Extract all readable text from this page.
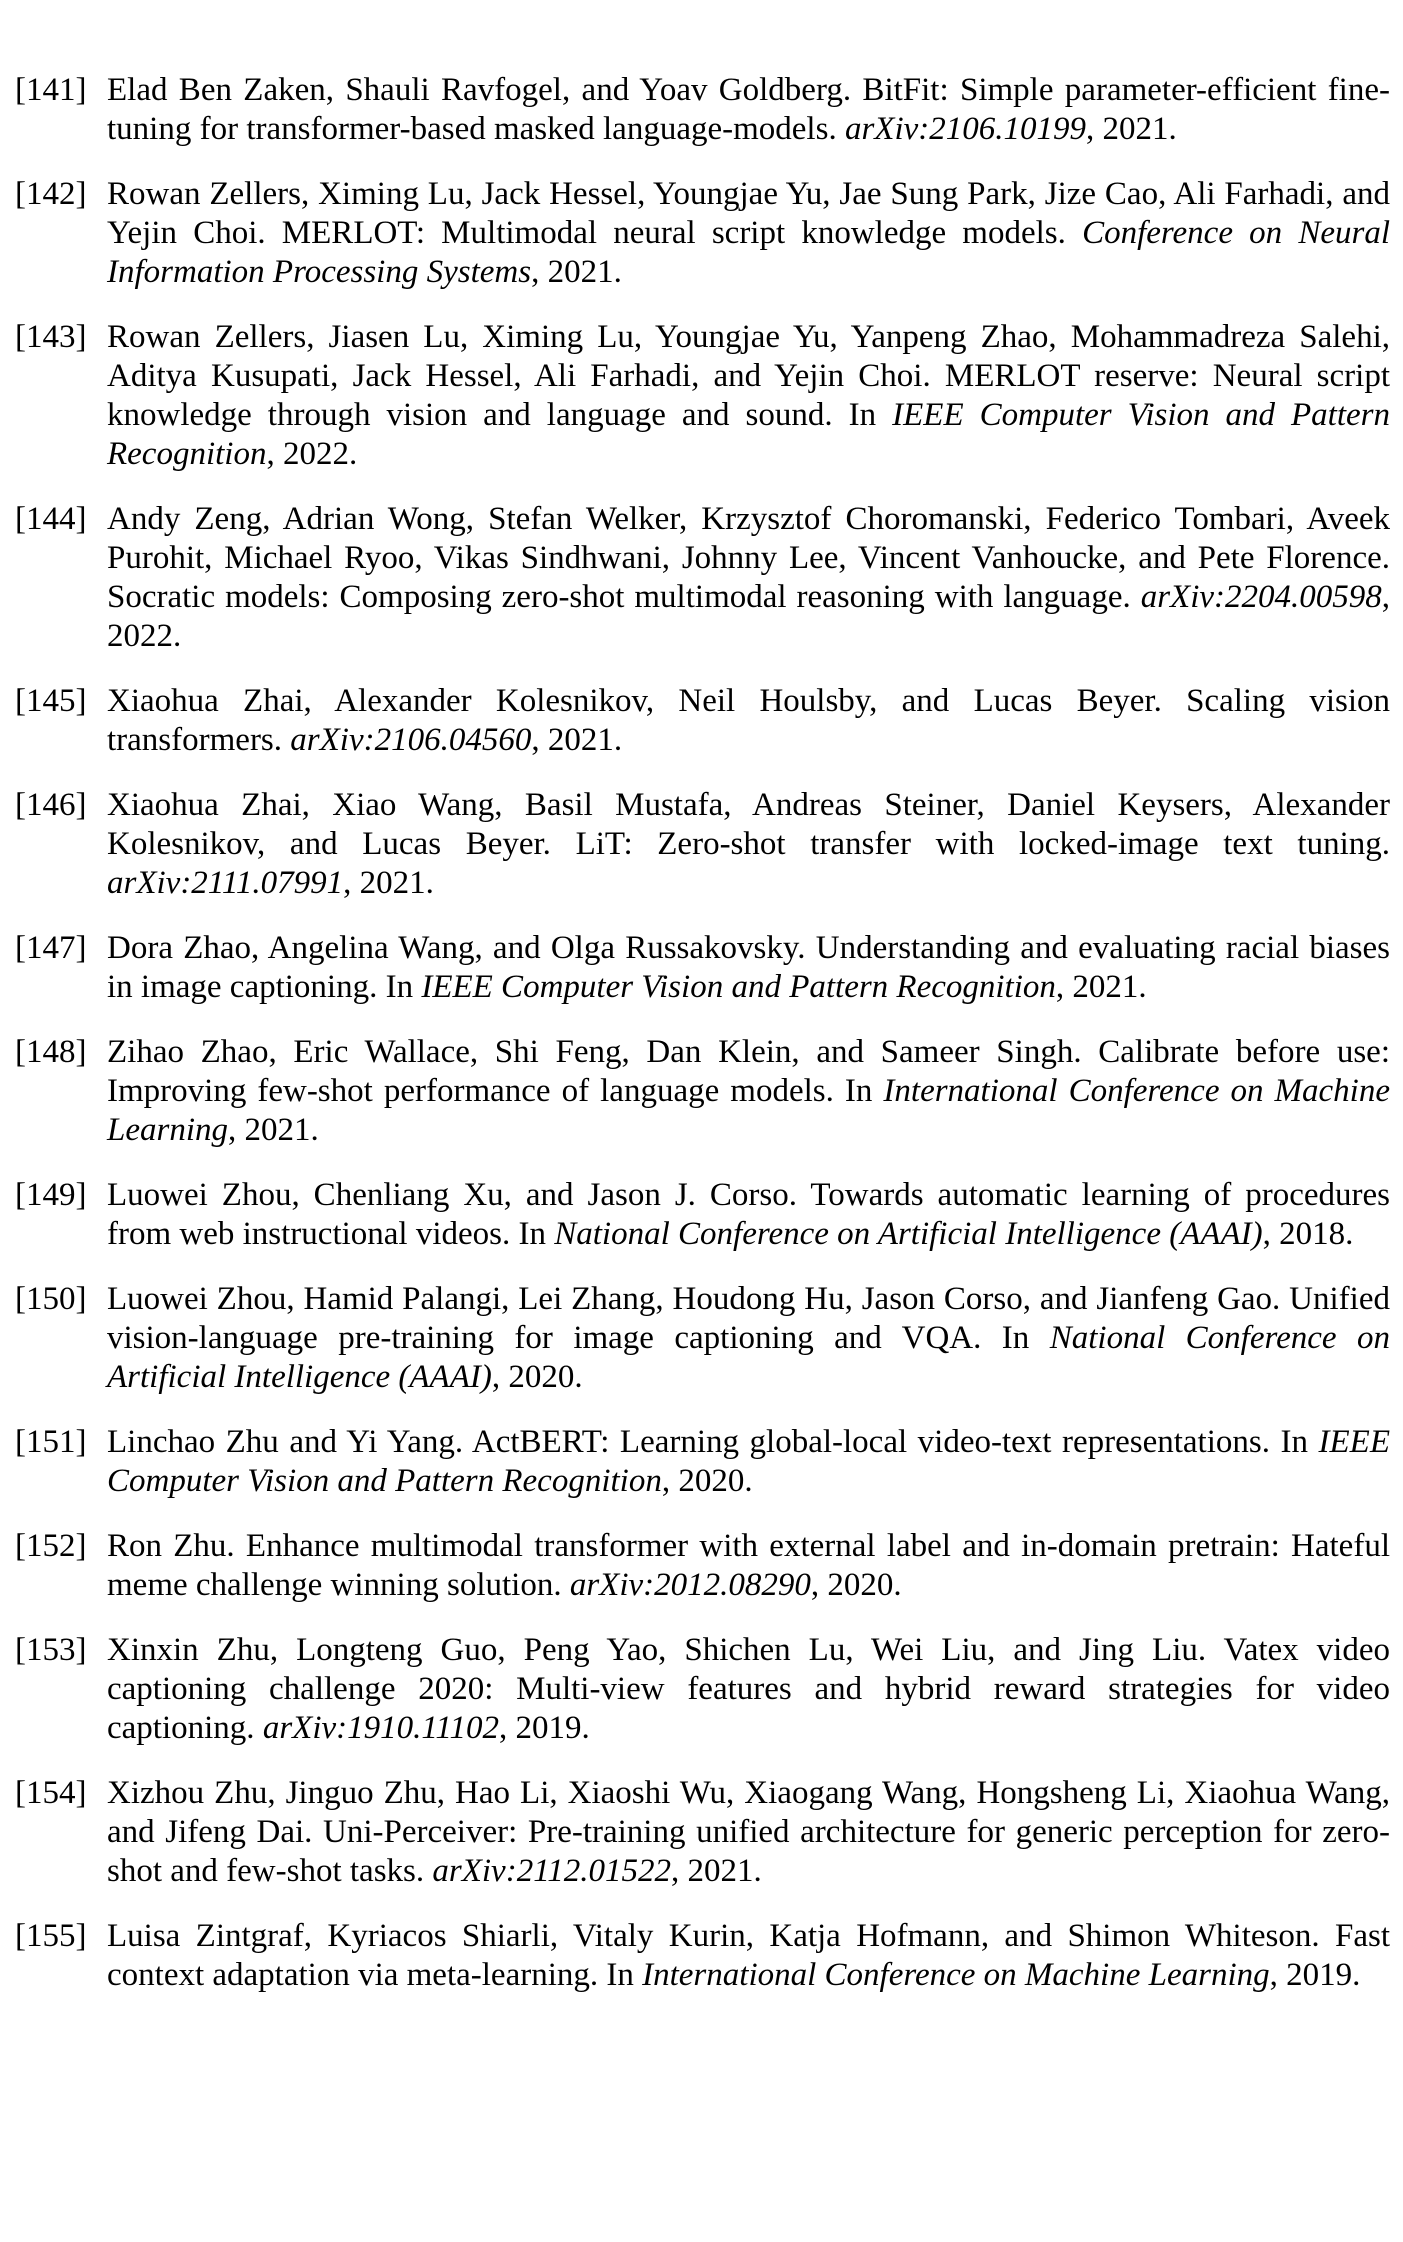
[141] Elad Ben Zaken, Shauli Ravfogel, and Yoav Goldberg. BitFit: Simple parameter-efficient fine-tuning for transformer-based masked language-models. arXiv:2106.10199, 2021.
[142] Rowan Zellers, Ximing Lu, Jack Hessel, Youngjae Yu, Jae Sung Park, Jize Cao, Ali Farhadi, and Yejin Choi. MERLOT: Multimodal neural script knowledge models. Conference on Neural Information Processing Systems, 2021.
[143] Rowan Zellers, Jiasen Lu, Ximing Lu, Youngjae Yu, Yanpeng Zhao, Mohammadreza Salehi, Aditya Kusupati, Jack Hessel, Ali Farhadi, and Yejin Choi. MERLOT reserve: Neural script knowledge through vision and language and sound. In IEEE Computer Vision and Pattern Recognition, 2022.
[144] Andy Zeng, Adrian Wong, Stefan Welker, Krzysztof Choromanski, Federico Tombari, Aveek Purohit, Michael Ryoo, Vikas Sindhwani, Johnny Lee, Vincent Vanhoucke, and Pete Florence. Socratic models: Composing zero-shot multimodal reasoning with language. arXiv:2204.00598, 2022.
[145] Xiaohua Zhai, Alexander Kolesnikov, Neil Houlsby, and Lucas Beyer. Scaling vision transformers. arXiv:2106.04560, 2021.
[146] Xiaohua Zhai, Xiao Wang, Basil Mustafa, Andreas Steiner, Daniel Keysers, Alexander Kolesnikov, and Lucas Beyer. LiT: Zero-shot transfer with locked-image text tuning. arXiv:2111.07991, 2021.
[147] Dora Zhao, Angelina Wang, and Olga Russakovsky. Understanding and evaluating racial biases in image captioning. In IEEE Computer Vision and Pattern Recognition, 2021.
[148] Zihao Zhao, Eric Wallace, Shi Feng, Dan Klein, and Sameer Singh. Calibrate before use: Improving few-shot performance of language models. In International Conference on Machine Learning, 2021.
[149] Luowei Zhou, Chenliang Xu, and Jason J. Corso. Towards automatic learning of procedures from web instructional videos. In National Conference on Artificial Intelligence (AAAI), 2018.
[150] Luowei Zhou, Hamid Palangi, Lei Zhang, Houdong Hu, Jason Corso, and Jianfeng Gao. Unified vision-language pre-training for image captioning and VQA. In National Conference on Artificial Intelligence (AAAI), 2020.
[151] Linchao Zhu and Yi Yang. ActBERT: Learning global-local video-text representations. In IEEE Computer Vision and Pattern Recognition, 2020.
[152] Ron Zhu. Enhance multimodal transformer with external label and in-domain pretrain: Hateful meme challenge winning solution. arXiv:2012.08290, 2020.
[153] Xinxin Zhu, Longteng Guo, Peng Yao, Shichen Lu, Wei Liu, and Jing Liu. Vatex video captioning challenge 2020: Multi-view features and hybrid reward strategies for video captioning. arXiv:1910.11102, 2019.
[154] Xizhou Zhu, Jinguo Zhu, Hao Li, Xiaoshi Wu, Xiaogang Wang, Hongsheng Li, Xiaohua Wang, and Jifeng Dai. Uni-Perceiver: Pre-training unified architecture for generic perception for zero-shot and few-shot tasks. arXiv:2112.01522, 2021.
[155] Luisa Zintgraf, Kyriacos Shiarli, Vitaly Kurin, Katja Hofmann, and Shimon Whiteson. Fast context adaptation via meta-learning. In International Conference on Machine Learning, 2019.
